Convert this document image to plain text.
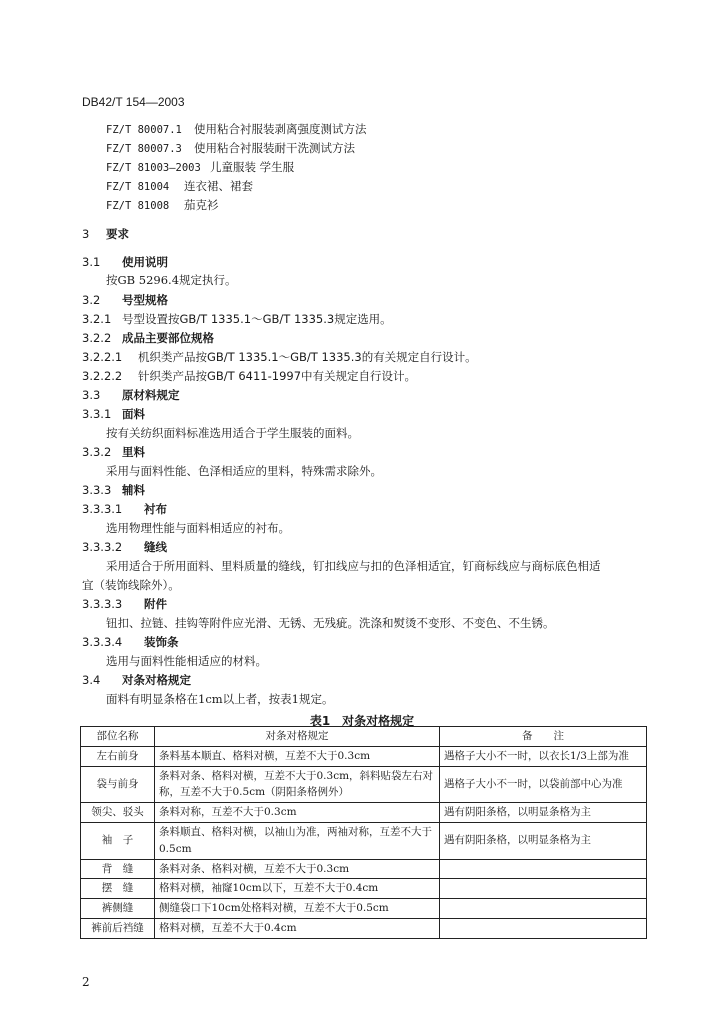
DB42/T 154—2003
FZ/T 80007.1 使用粘合衬服装剥离强度测试方法
FZ/T 80007.3 使用粘合衬服装耐干洗测试方法
FZ/T 81003—2003 儿童服装 学生服
FZ/T 81004 连衣裙、裙套
FZ/T 81008 茄克衫
3 要求
3.1 使用说明
按GB 5296.4规定执行。
3.2 号型规格
3.2.1 号型设置按GB/T 1335.1～GB/T 1335.3规定选用。
3.2.2 成品主要部位规格
3.2.2.1 机织类产品按GB/T 1335.1～GB/T 1335.3的有关规定自行设计。
3.2.2.2 针织类产品按GB/T 6411-1997中有关规定自行设计。
3.3 原材料规定
3.3.1 面料
按有关纺织面料标准选用适合于学生服装的面料。
3.3.2 里料
采用与面料性能、色泽相适应的里料，特殊需求除外。
3.3.3 辅料
3.3.3.1 衬布
选用物理性能与面料相适应的衬布。
3.3.3.2 缝线
采用适合于所用面料、里料质量的缝线，钉扣线应与扣的色泽相适宜，钉商标线应与商标底色相适
宜（装饰线除外）。
3.3.3.3 附件
钮扣、拉链、挂钩等附件应光滑、无锈、无残疵。洗涤和熨烫不变形、不变色、不生锈。
3.3.3.4 装饰条
选用与面料性能相适应的材料。
3.4 对条对格规定
面料有明显条格在1cm以上者，按表1规定。
表1　对条对格规定
部位名称	对条对格规定	备　　注
左右前身	条料基本顺直、格料对横，互差不大于0.3cm	遇格子大小不一时，以衣长1/3上部为准
袋与前身	条料对条、格料对横，互差不大于0.3cm，斜料贴袋左右对称，互差不大于0.5cm（阴阳条格例外）	遇格子大小不一时，以袋前部中心为准
领尖、驳头	条料对称，互差不大于0.3cm	遇有阴阳条格，以明显条格为主
袖　子	条料顺直、格料对横，以袖山为准，两袖对称，互差不大于0.5cm	遇有阴阳条格，以明显条格为主
背　缝	条料对条、格料对横，互差不大于0.3cm	
摆　缝	格料对横，袖窿10cm以下，互差不大于0.4cm	
裤侧缝	侧缝袋口下10cm处格料对横，互差不大于0.5cm	
裤前后裆缝	格料对横，互差不大于0.4cm	
2
